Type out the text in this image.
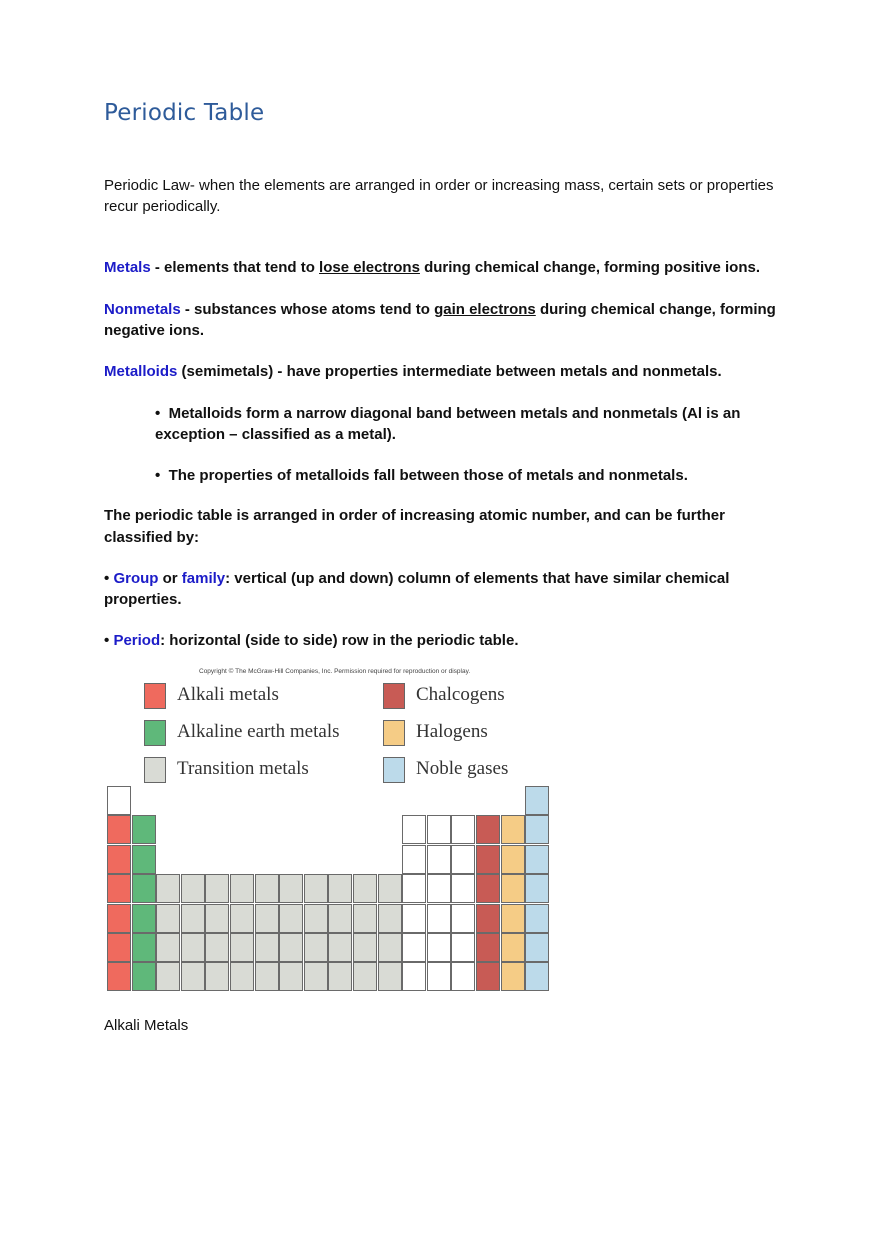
Periodic Table

Periodic Law- when the elements are arranged in order or increasing mass, certain sets or properties recur periodically.

Metals - elements that tend to lose electrons during chemical change, forming positive ions.

Nonmetals - substances whose atoms tend to gain electrons during chemical change, forming negative ions.

Metalloids (semimetals) - have properties intermediate between metals and nonmetals.

•  Metalloids form a narrow diagonal band between metals and nonmetals (Al is an exception – classified as a metal).

•  The properties of metalloids fall between those of metals and nonmetals.

The periodic table is arranged in order of increasing atomic number, and can be further classified by:

• Group or family: vertical (up and down) column of elements that have similar chemical properties.

• Period: horizontal (side to side) row in the periodic table.

Copyright © The McGraw-Hill Companies, Inc. Permission required for reproduction or display.
Alkali metals
Alkaline earth metals
Transition metals
Chalcogens
Halogens
Noble gases

Alkali Metals
